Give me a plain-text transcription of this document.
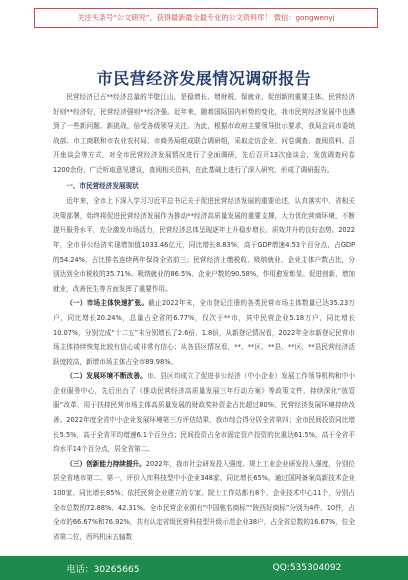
关注头条号“公文研究”，获得最新最全最专业的公文资料库！ 微信：gongwenyj
市民营经济发展情况调研报告

民营经济已占**经济总量的半壁江山，是稳增长、增财税、保就业、促创新的重要主体。民营经济好则**经济好，民营经济强则**经济强。近年来，随着国际国内形势的变化，我市民营经济发展中也遇到了一些新问题、新挑战，倍受各级领导关注。为此，根据市政府主要领导批示要求，我局会同市委统战部、市工商联和市农业农村局、市商务局组成联合调研组，采取走访企业、问卷调查、查阅资料、召开座谈会等方式，对全市民营经济发展情况进行了全面调研，先后召开13次座谈会，发放调查问卷1200余份，广泛听取意见建议，查阅相关资料，在此基础上进行了深入研究，形成了调研报告。

一、市民营经济发展现状

近年来，全市上下深入学习习近平总书记关于促进民营经济发展的重要论述，认真落实中、省相关决策部署，始终将促进民营经济发展作为推动**经济高质量发展的重要支撑，大力优化营商环境，不断提升服务水平，充分激发市场活力，民营经济总体呈现逐年上升稳步增长、质效并升的良好态势。2022年，全市非公经济实现增加值1033.46亿元，同比增长8.83%，高于GDP增速4.53个百分点，占GDP的54.24%，占比排名连续两年保持全省前三；民营经济上缴税收、吸纳就业、企业主体户数占比，分别达到全市税收的35.71%、吸纳就业的86.5%、企业户数的90.58%，作用愈发彰显。促进创新，增加就业，改善民生等方面发挥了重要作用。

（一）市场主体快速扩张。截止2022年末，全市登记注册的各类民营市场主体数量已达35.23万户，同比增长20.24%，总量占全省的6.77%，仅次于**市，其中民营企业5.18万户，同比增长10.07%，分别完成“十二五”末分别增长了2.6倍、1.8倍，从新登记情况看，2022年全市新登记民营市场主体持续恢复比较有信心或非常有信心；从各县区情况看，**、**区、**县、**区、**县民营经济活跃度较高，新增市场主体占全市89.98%。

（二）发展环境不断改善。市、县区均成立了促进非公经济（中小企业）发展工作领导机构和中小企业服务中心，先后出台了《推动民营经济高质量发展三年行动方案》等政策文件，持续深化“放管服”改革，用于扶持民营市场主体高质量发展的财政奖补资金占比超过80%，民营经济发展环境持续改善。2022年度全省中小企业发展环境第三方评估结果，我市综合得分居全省第四；全市民间投资同比增长5.5%，高于全省平均增速6.1个百分点；民间投资占全市固定资产投资的比重达61.5%，高于全省平均水平14个百分点，居全省第二。

（三）创新能力持续提升。2022年，我市社会研发投入强度、规上工业企业研发投入强度，分别位居全省地市第二、第一，评价入库科技型中小企业348家、同比增长65%。通过国网备案高新技术企业100家、同比增长85%；依托民营企业建立的专家、院士工作站都有8个，企业技术中心11个，分别占全市总数的72.88%、42.31%。全市民营企业拥有“中国驰名商标”“陕西好商标”分别为4件、10件，占全市的66.67%和76.92%，共有认定省级民营科技型升级示范企业38户，占全省总数的16.67%，位全省第二位，西玛机床五轴数

电话：30265665	QQ:535304092
